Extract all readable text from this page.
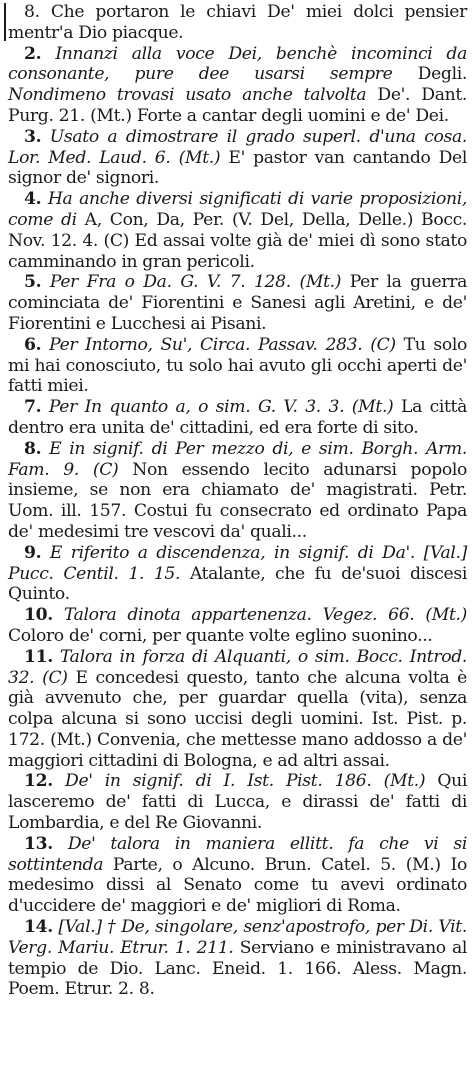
8. Che portaron le chiavi De' miei dolci pensier mentr'a Dio piacque.

2. Innanzi alla voce Dei, benchè incominci da consonante, pure dee usarsi sempre Degli. Nondimeno trovasi usato anche talvolta De'. Dant. Purg. 21. (Mt.) Forte a cantar degli uomini e de' Dei.

3. Usato a dimostrare il grado superl. d'una cosa. Lor. Med. Laud. 6. (Mt.) E' pastor van cantando Del signor de' signori.

4. Ha anche diversi significati di varie proposizioni, come di A, Con, Da, Per. (V. Del, Della, Delle.) Bocc. Nov. 12. 4. (C) Ed assai volte già de' miei dì sono stato camminando in gran pericoli.

5. Per Fra o Da. G. V. 7. 128. (Mt.) Per la guerra cominciata de' Fiorentini e Sanesi agli Aretini, e de' Fiorentini e Lucchesi ai Pisani.

6. Per Intorno, Su', Circa. Passav. 283. (C) Tu solo mi hai conosciuto, tu solo hai avuto gli occhi aperti de' fatti miei.

7. Per In quanto a, o sim. G. V. 3. 3. (Mt.) La città dentro era unita de' cittadini, ed era forte di sito.

8. E in signif. di Per mezzo di, e sim. Borgh. Arm. Fam. 9. (C) Non essendo lecito adunarsi popolo insieme, se non era chiamato de' magistrati. Petr. Uom. ill. 157. Costui fu consecrato ed ordinato Papa de' medesimi tre vescovi da' quali...

9. E riferito a discendenza, in signif. di Da'. [Val.] Pucc. Centil. 1. 15. Atalante, che fu de'suoi discesi Quinto.

10. Talora dinota appartenenza. Vegez. 66. (Mt.) Coloro de' corni, per quante volte eglino suonino...

11. Talora in forza di Alquanti, o sim. Bocc. Introd. 32. (C) E concedesi questo, tanto che alcuna volta è già avvenuto che, per guardar quella (vita), senza colpa alcuna si sono uccisi degli uomini. Ist. Pist. p. 172. (Mt.) Convenia, che mettesse mano addosso a de' maggiori cittadini di Bologna, e ad altri assai.

12. De' in signif. di I. Ist. Pist. 186. (Mt.) Qui lasceremo de' fatti di Lucca, e dirassi de' fatti di Lombardia, e del Re Giovanni.

13. De' talora in maniera ellitt. fa che vi si sottintenda Parte, o Alcuno. Brun. Catel. 5. (M.) Io medesimo dissi al Senato come tu avevi ordinato d'uccidere de' maggiori e de' migliori di Roma.

14. [Val.] † De, singolare, senz'apostrofo, per Di. Vit. Verg. Mariu. Etrur. 1. 211. Serviano e ministravano al tempio de Dio. Lanc. Eneid. 1. 166. Aless. Magn. Poem. Etrur. 2. 8.
